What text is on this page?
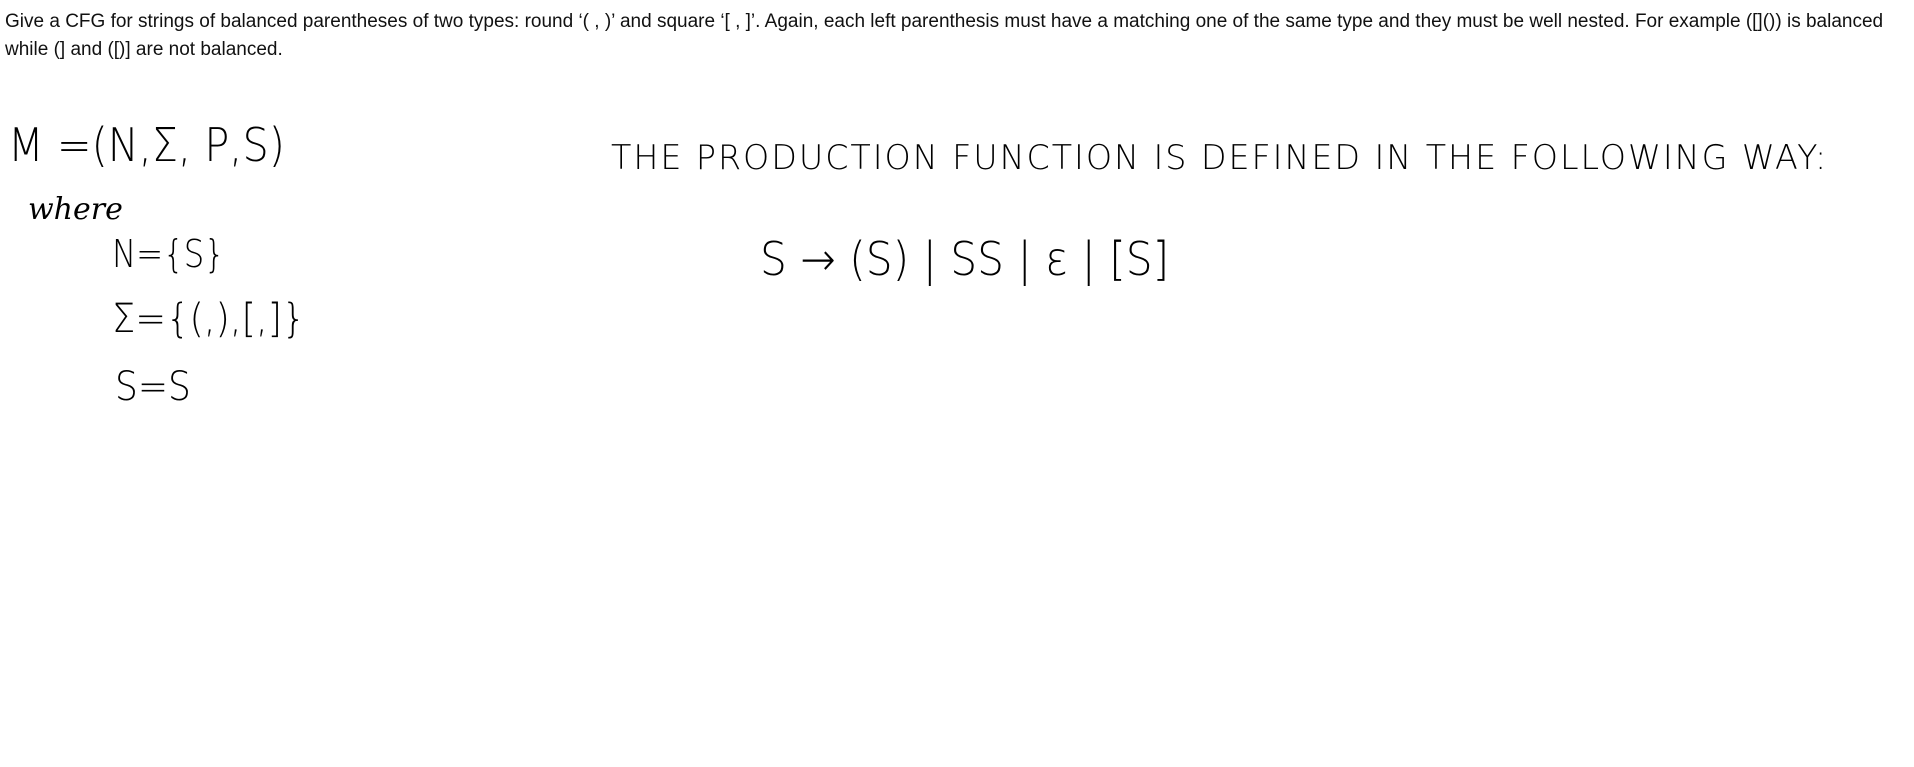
Give a CFG for strings of balanced parentheses of two types: round ‘( , )’ and square ‘[ , ]’. Again, each left parenthesis must have a matching one of the same type and they must be well nested. For example ([]()) is balanced while (] and ([)] are not balanced.

M =(N,Σ, P,S)

where

N={S}

Σ={(,),[,]}

S=S

THE PRODUCTION FUNCTION IS DEFINED IN THE FOLLOWING WAY:

S → (S) | SS | ε | [S]
